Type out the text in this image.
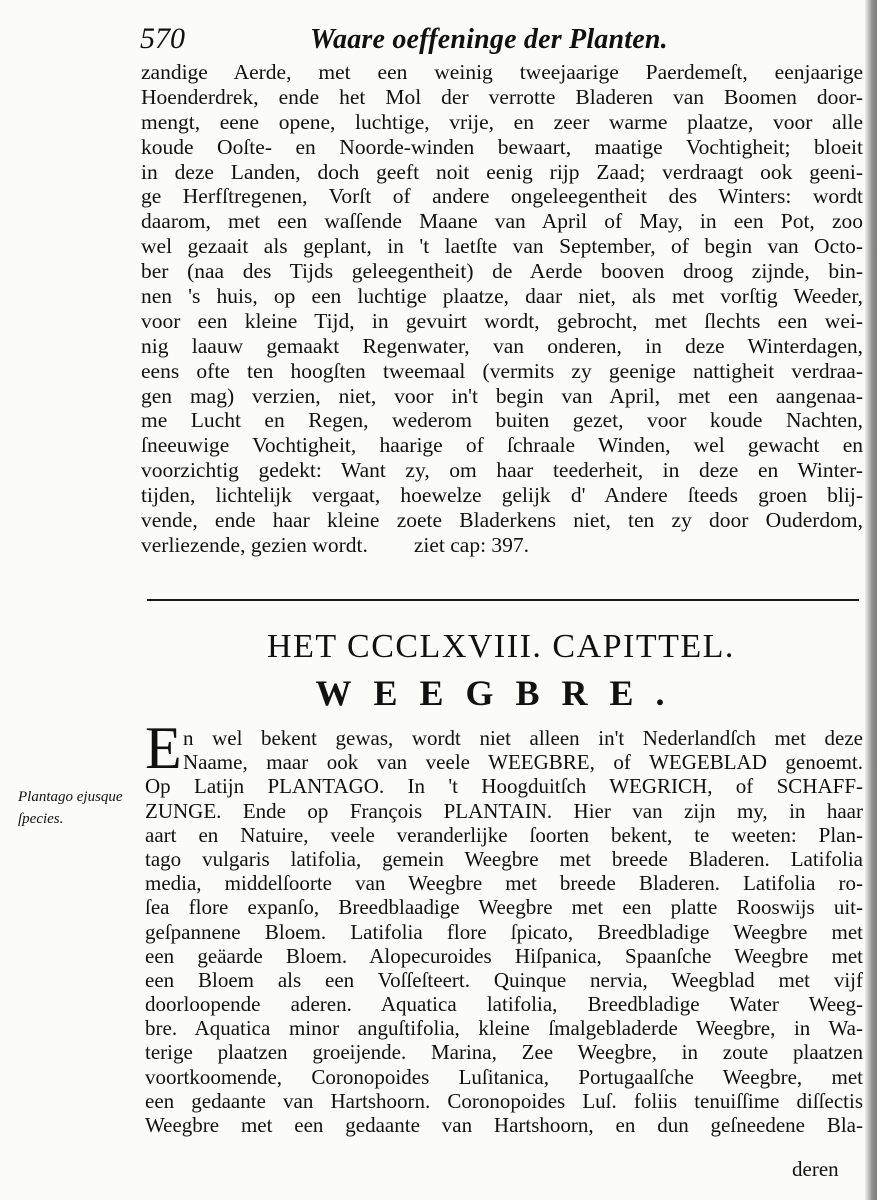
570	Waare oeffeninge der Planten.
zandige Aerde, met een weinig tweejaarige Paerdemeſt, eenjaarige
Hoenderdrek, ende het Mol der verrotte Bladeren van Boomen door-
mengt, eene opene, luchtige, vrije, en zeer warme plaatze, voor alle
koude Ooſte- en Noorde-winden bewaart, maatige Vochtigheit; bloeit
in deze Landen, doch geeft noit eenig rijp Zaad; verdraagt ook geeni-
ge Herfſtregenen, Vorſt of andere ongeleegentheit des Winters: wordt
daarom, met een waſſende Maane van April of May, in een Pot, zoo
wel gezaait als geplant, in 't laetſte van September, of begin van Octo-
ber (naa des Tijds geleegentheit) de Aerde booven droog zijnde, bin-
nen 's huis, op een luchtige plaatze, daar niet, als met vorſtig Weeder,
voor een kleine Tijd, in gevuirt wordt, gebrocht, met ſlechts een wei-
nig laauw gemaakt Regenwater, van onderen, in deze Winterdagen,
eens ofte ten hoogſten tweemaal (vermits zy geenige nattigheit verdraa-
gen mag) verzien, niet, voor in't begin van April, met een aangenaa-
me Lucht en Regen, wederom buiten gezet, voor koude Nachten,
ſneeuwige Vochtigheit, haarige of ſchraale Winden, wel gewacht en
voorzichtig gedekt: Want zy, om haar teederheit, in deze en Winter-
tijden, lichtelijk vergaat, hoewelze gelijk d' Andere ſteeds groen blij-
vende, ende haar kleine zoete Bladerkens niet, ten zy door Ouderdom,
verliezende, gezien wordt. ziet cap: 397.
HET CCCLXVIII. CAPITTEL.
WEEGBRE.
Plantago ejusque ſpecies.
E n wel bekent gewas, wordt niet alleen in't Nederlandſch met deze
Naame, maar ook van veele WEEGBRE, of WEGEBLAD genoemt.
Op Latijn PLANTAGO. In 't Hoogduitſch WEGRICH, of SCHAFF-
ZUNGE. Ende op François PLANTAIN. Hier van zijn my, in haar
aart en Natuire, veele veranderlijke ſoorten bekent, te weeten: Plan-
tago vulgaris latifolia, gemein Weegbre met breede Bladeren. Latifolia
media, middelſoorte van Weegbre met breede Bladeren. Latifolia ro-
ſea flore expanſo, Breedblaadige Weegbre met een platte Rooswijs uit-
geſpannene Bloem. Latifolia flore ſpicato, Breedbladige Weegbre met
een geäarde Bloem. Alopecuroides Hiſpanica, Spaanſche Weegbre met
een Bloem als een Voſſeſteert. Quinque nervia, Weegblad met vijf
doorloopende aderen. Aquatica latifolia, Breedbladige Water Weeg-
bre. Aquatica minor anguſtifolia, kleine ſmalgebladerde Weegbre, in Wa-
terige plaatzen groeijende. Marina, Zee Weegbre, in zoute plaatzen
voortkoomende, Coronopoides Luſitanica, Portugaalſche Weegbre, met
een gedaante van Hartshoorn. Coronopoides Luſ. foliis tenuiſſime diſſectis
Weegbre met een gedaante van Hartshoorn, en dun geſneedene Bla-
deren
